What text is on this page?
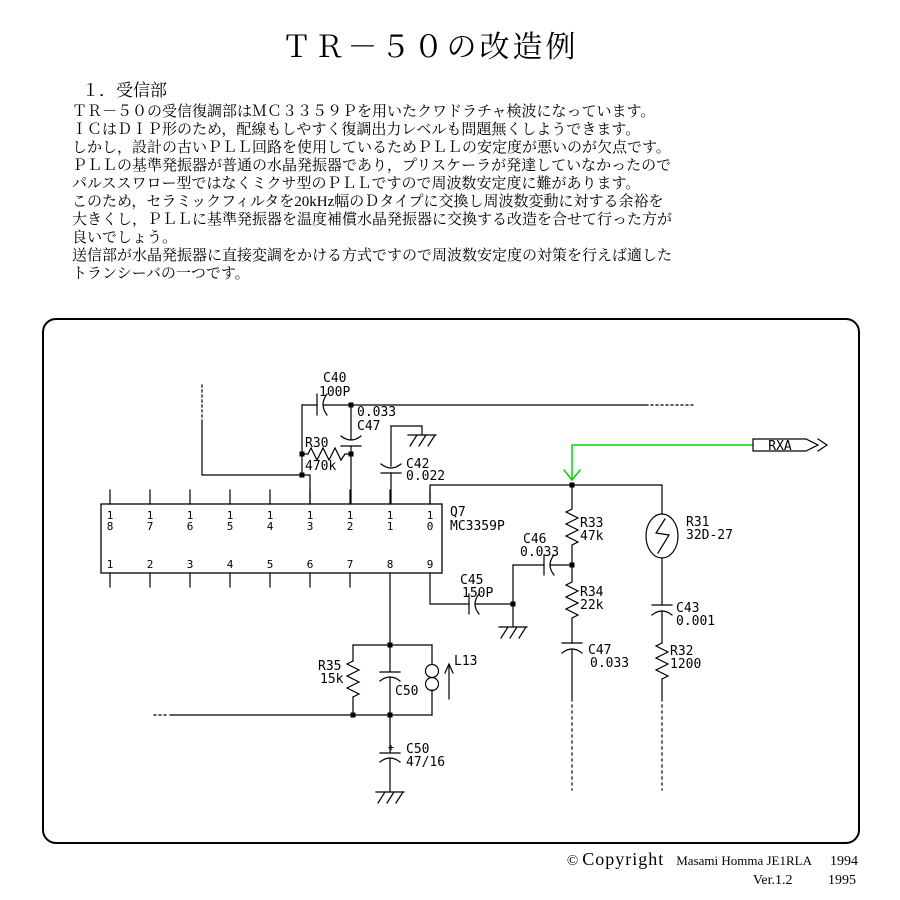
ＴＲ－５０の改造例
１．受信部
ＴＲ－５０の受信復調部はＭＣ３３５９Ｐを用いたクワドラチャ検波になっています。
ＩＣはＤＩＰ形のため，配線もしやすく復調出力レベルも問題無くしようできます。
しかし，設計の古いＰＬＬ回路を使用しているためＰＬＬの安定度が悪いのが欠点です。
ＰＬＬの基準発振器が普通の水晶発振器であり，プリスケーラが発達していなかったので
パルススワロー型ではなくミクサ型のＰＬＬですので周波数安定度に難があります。
このため，セラミックフィルタを20kHz幅のＤタイプに交換し周波数変動に対する余裕を
大きくし，ＰＬＬに基準発振器を温度補償水晶発振器に交換する改造を合せて行った方が
良いでしょう。
送信部が水晶発振器に直接変調をかける方式ですので周波数安定度の対策を行えば適した
トランシーバの一つです。
C40
100P
0.033
C47
R30
470k	C42
0.022
Q7
MC3359P	R33
47k
R31
32D-27
C46
0.033
C45
150P	R34
22k	C43
0.001
C47
0.033
R32
1200
R35
15k
C50
L13
+ C50
47/16
RXA
1
8
1
7
1
6
1
5
1
4
1
3
1
2
1
1
1
0
1	2	3	4	5	6	7	8	9
© Copyright Masami Homma JE1RLA 1994
Ver.1.2	1995
